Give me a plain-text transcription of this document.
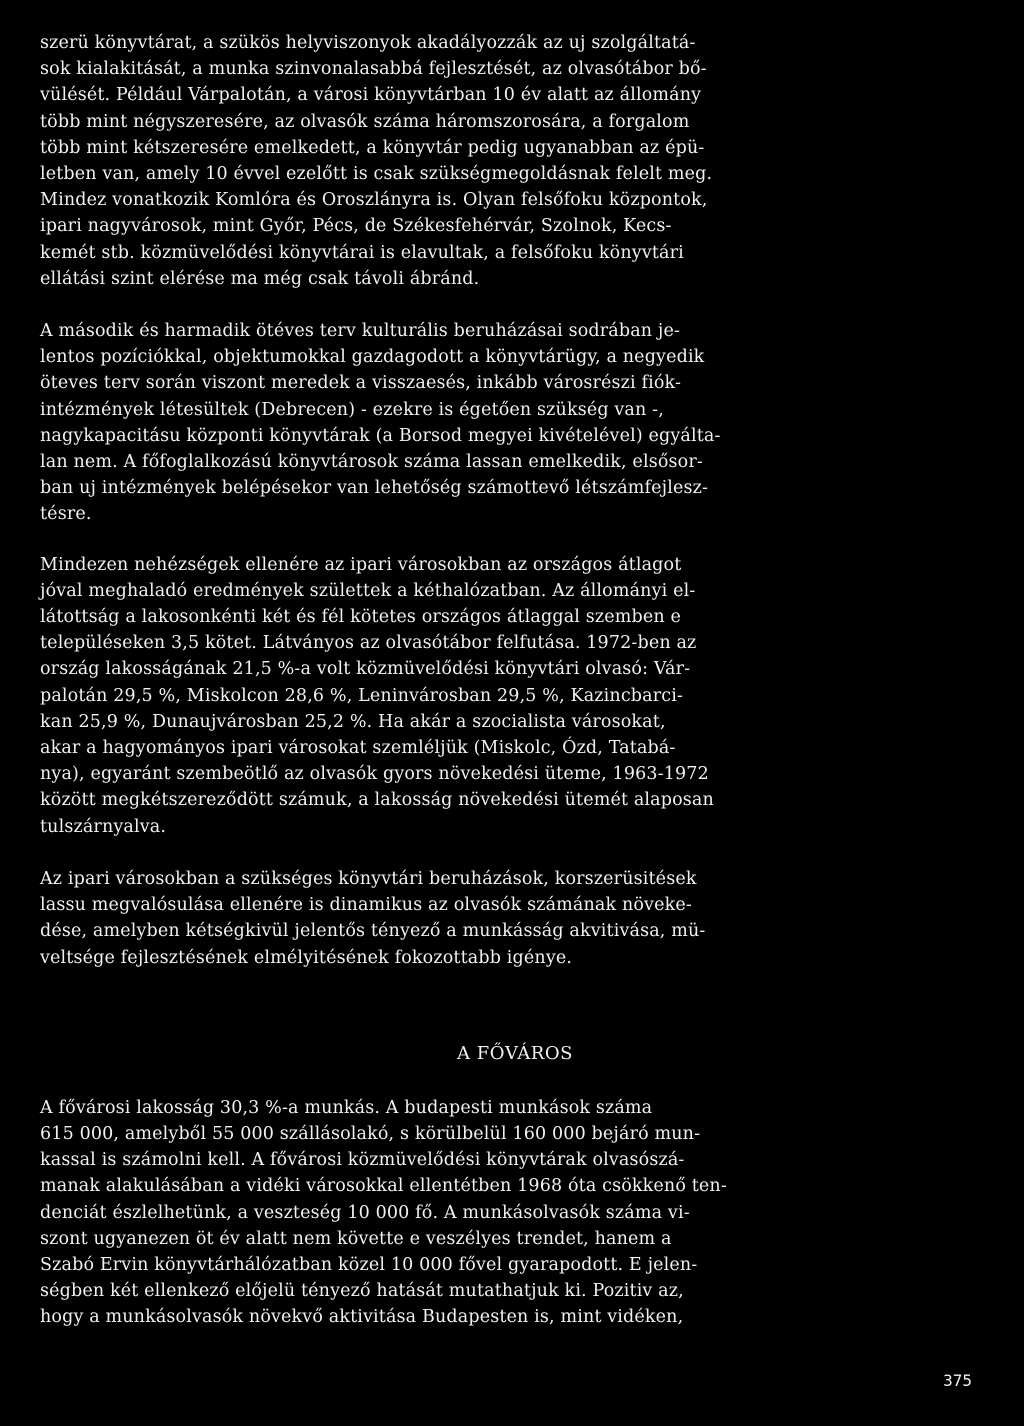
szerü könyvtárat, a szükös helyviszonyok akadályozzák az uj szolgáltatá-
sok kialakitását, a munka szinvonalasabbá fejlesztését, az olvasótábor bő-
vülését. Például Várpalotán, a városi könyvtárban 10 év alatt az állomány
több mint négyszeresére, az olvasók száma háromszorosára, a forgalom
több mint kétszeresére emelkedett, a könyvtár pedig ugyanabban az épü-
letben van, amely 10 évvel ezelőtt is csak szükségmegoldásnak felelt meg.
Mindez vonatkozik Komlóra és Oroszlányra is. Olyan felsőfoku központok,
ipari nagyvárosok, mint Győr, Pécs, de Székesfehérvár, Szolnok, Kecs-
kemét stb. közmüvelődési könyvtárai is elavultak, a felsőfoku könyvtári
ellátási szint elérése ma még csak távoli ábránd.
A második és harmadik ötéves terv kulturális beruházásai sodrában je-
lentos pozíciókkal, objektumokkal gazdagodott a könyvtárügy, a negyedik
öteves terv során viszont meredek a visszaesés, inkább városrészi fiók-
intézmények létesültek (Debrecen) - ezekre is égetően szükség van -,
nagykapacitásu központi könyvtárak (a Borsod megyei kivételével) egyálta-
lan nem. A főfoglalkozású könyvtárosok száma lassan emelkedik, elsősor-
ban uj intézmények belépésekor van lehetőség számottevő létszámfejlesz-
tésre.
Mindezen nehézségek ellenére az ipari városokban az országos átlagot
jóval meghaladó eredmények születtek a kéthalózatban. Az állományi el-
látottság a lakosonkénti két és fél kötetes országos átlaggal szemben e
településeken 3,5 kötet. Látványos az olvasótábor felfutása. 1972-ben az
ország lakosságának 21,5 %-a volt közmüvelődési könyvtári olvasó: Vár-
palotán 29,5 %, Miskolcon 28,6 %, Leninvárosban 29,5 %, Kazincbarci-
kan 25,9 %, Dunaujvárosban 25,2 %. Ha akár a szocialista városokat,
akar a hagyományos ipari városokat szemléljük (Miskolc, Ózd, Tatabá-
nya), egyaránt szembeötlő az olvasók gyors növekedési üteme, 1963-1972
között megkétszereződött számuk, a lakosság növekedési ütemét alaposan
tulszárnyalva.
Az ipari városokban a szükséges könyvtári beruházások, korszerüsitések
lassu megvalósulása ellenére is dinamikus az olvasók számának növeke-
dése, amelyben kétségkivül jelentős tényező a munkásság akvitivása, mü-
veltsége fejlesztésének elmélyitésének fokozottabb igénye.
A FŐVÁROS
A fővárosi lakosság 30,3 %-a munkás. A budapesti munkások száma
615 000, amelyből 55 000 szállásolakó, s körülbelül 160 000 bejáró mun-
kassal is számolni kell. A fővárosi közmüvelődési könyvtárak olvasószá-
manak alakulásában a vidéki városokkal ellentétben 1968 óta csökkenő ten-
denciát észlelhetünk, a veszteség 10 000 fő. A munkásolvasók száma vi-
szont ugyanezen öt év alatt nem követte e veszélyes trendet, hanem a
Szabó Ervin könyvtárhálózatban közel 10 000 fővel gyarapodott. E jelen-
ségben két ellenkező előjelü tényező hatását mutathatjuk ki. Pozitiv az,
hogy a munkásolvasók növekvő aktivitása Budapesten is, mint vidéken,
375
